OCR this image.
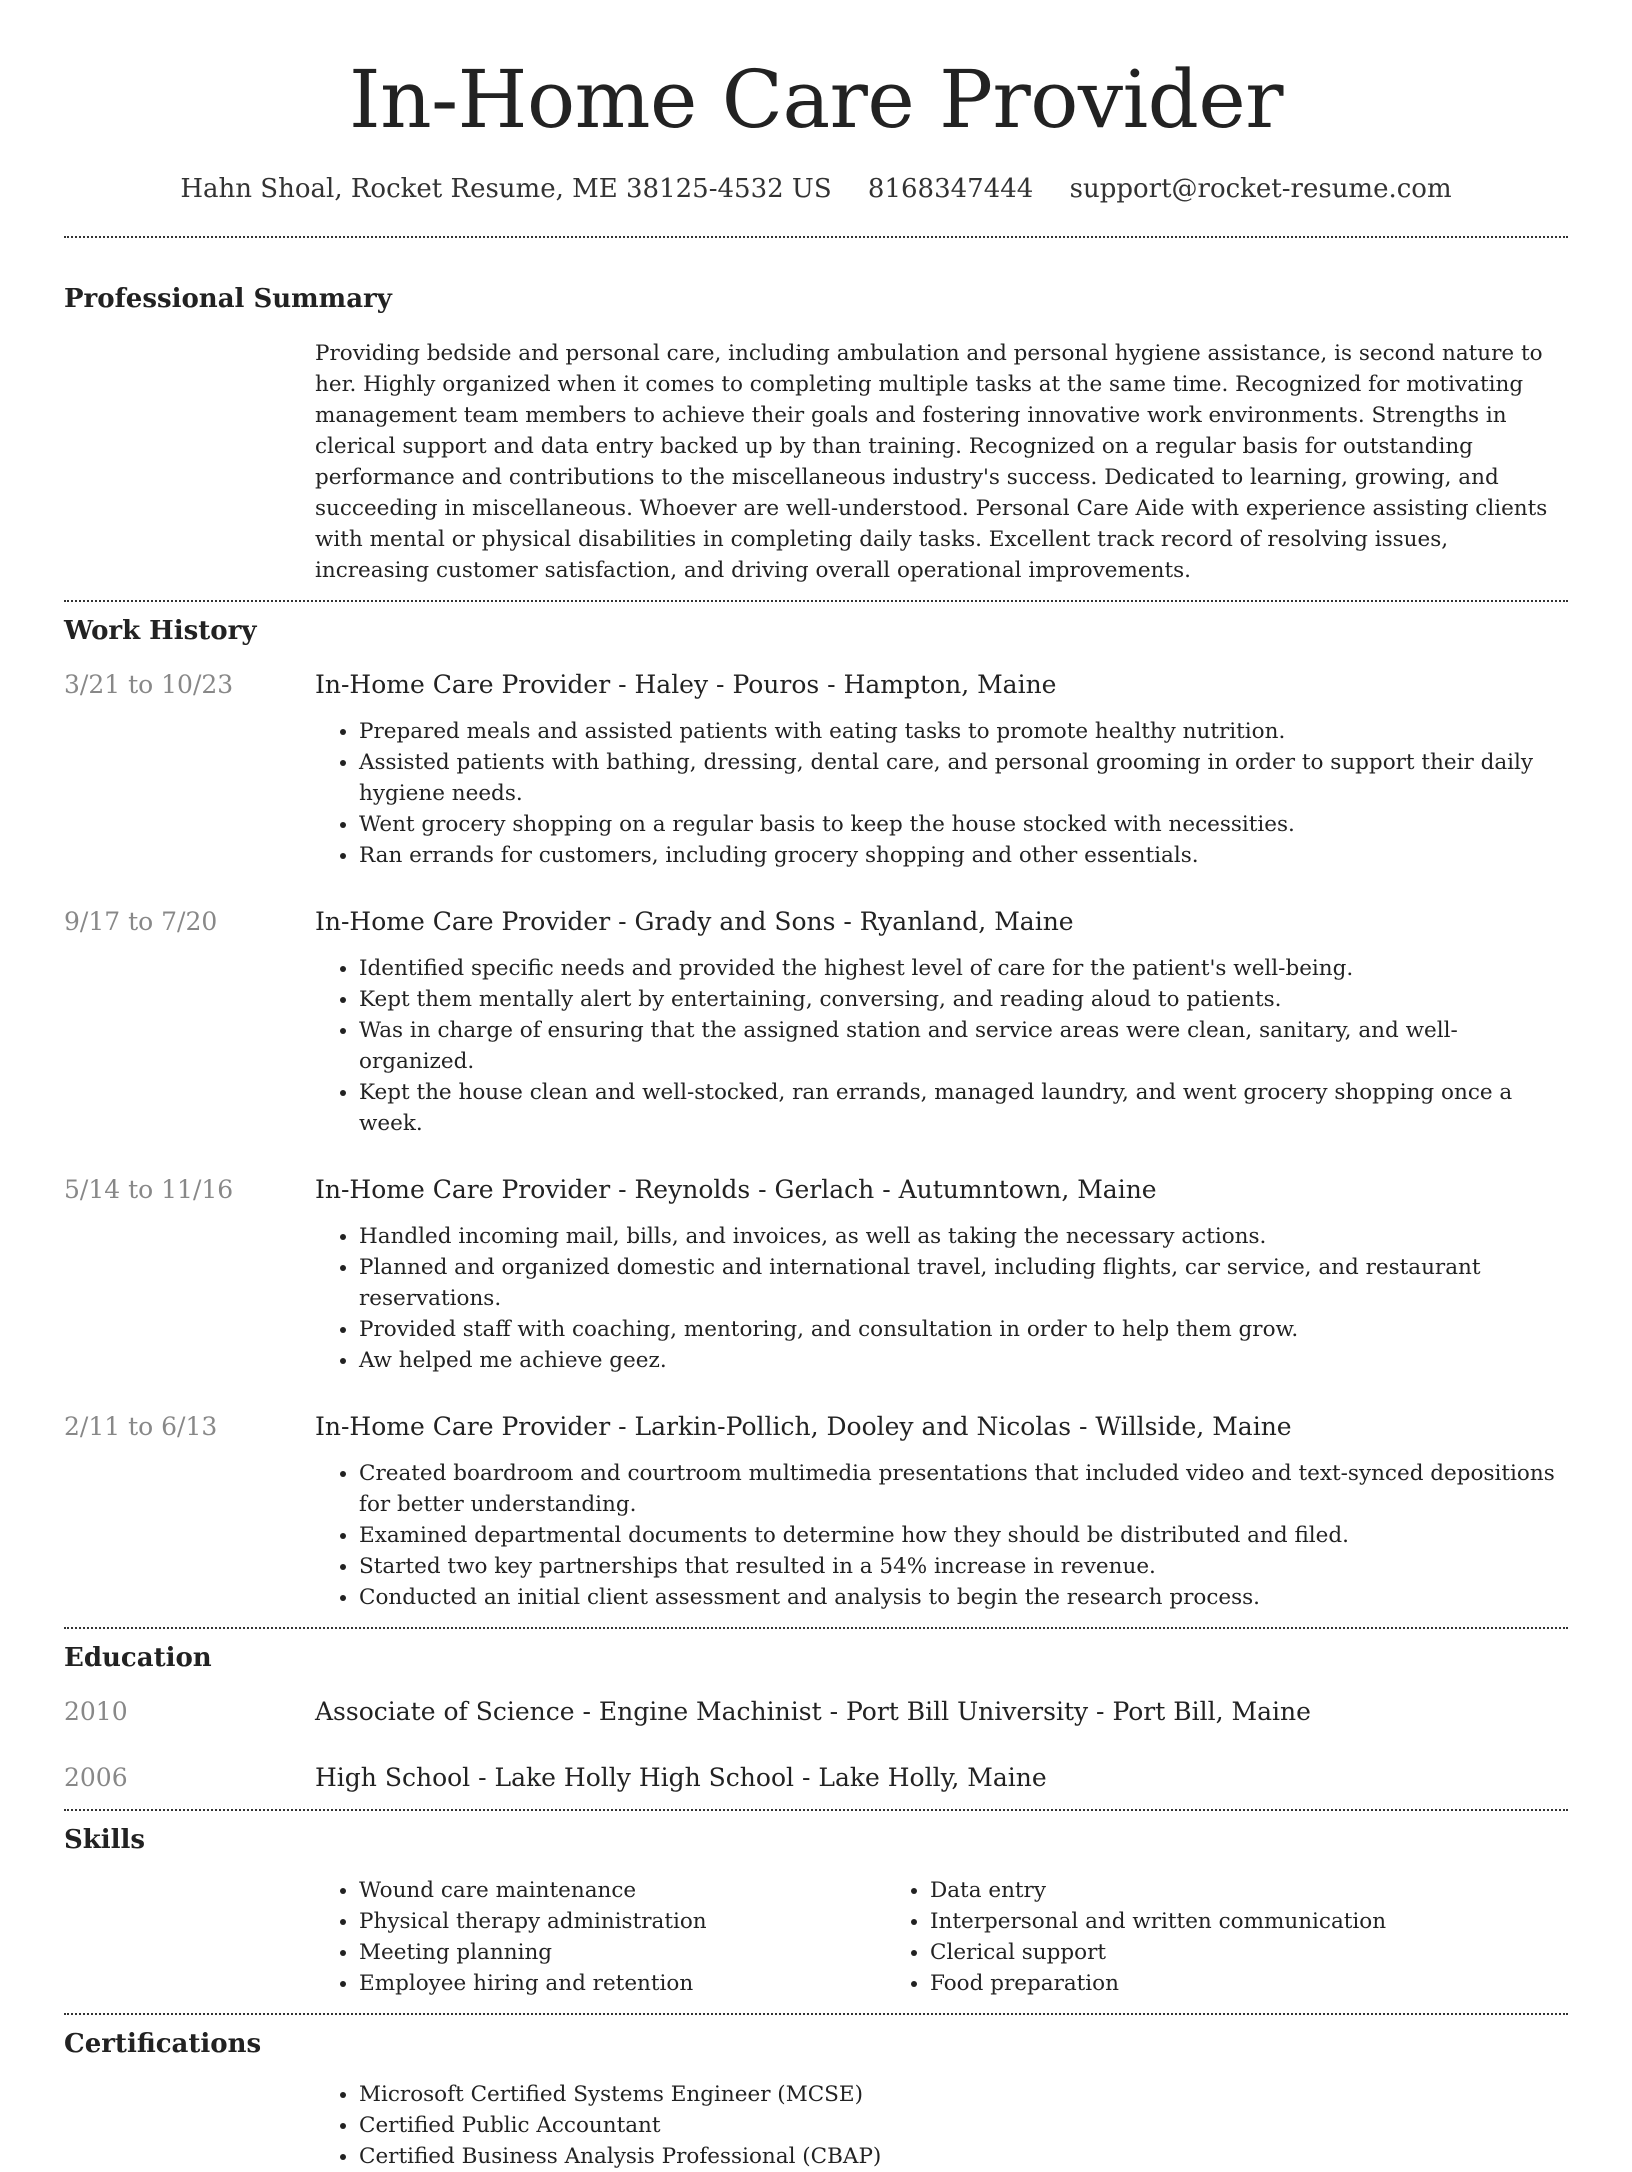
In-Home Care Provider
Hahn Shoal, Rocket Resume, ME 38125-4532 US 8168347444 support@rocket-resume.com
Professional Summary

Providing bedside and personal care, including ambulation and personal hygiene assistance, is second nature to her. Highly organized when it comes to completing multiple tasks at the same time. Recognized for motivating management team members to achieve their goals and fostering innovative work environments. Strengths in clerical support and data entry backed up by than training. Recognized on a regular basis for outstanding performance and contributions to the miscellaneous industry's success. Dedicated to learning, growing, and succeeding in miscellaneous. Whoever are well-understood. Personal Care Aide with experience assisting clients with mental or physical disabilities in completing daily tasks. Excellent track record of resolving issues, increasing customer satisfaction, and driving overall operational improvements.

Work History
3/21 to 10/23	In-Home Care Provider - Haley - Pouros - Hampton, Maine
• Prepared meals and assisted patients with eating tasks to promote healthy nutrition.
• Assisted patients with bathing, dressing, dental care, and personal grooming in order to support their daily hygiene needs.
• Went grocery shopping on a regular basis to keep the house stocked with necessities.
• Ran errands for customers, including grocery shopping and other essentials.
9/17 to 7/20	In-Home Care Provider - Grady and Sons - Ryanland, Maine
• Identified specific needs and provided the highest level of care for the patient's well-being.
• Kept them mentally alert by entertaining, conversing, and reading aloud to patients.
• Was in charge of ensuring that the assigned station and service areas were clean, sanitary, and well-organized.
• Kept the house clean and well-stocked, ran errands, managed laundry, and went grocery shopping once a week.
5/14 to 11/16	In-Home Care Provider - Reynolds - Gerlach - Autumntown, Maine
• Handled incoming mail, bills, and invoices, as well as taking the necessary actions.
• Planned and organized domestic and international travel, including flights, car service, and restaurant reservations.
• Provided staff with coaching, mentoring, and consultation in order to help them grow.
• Aw helped me achieve geez.
2/11 to 6/13	In-Home Care Provider - Larkin-Pollich, Dooley and Nicolas - Willside, Maine
• Created boardroom and courtroom multimedia presentations that included video and text-synced depositions for better understanding.
• Examined departmental documents to determine how they should be distributed and filed.
• Started two key partnerships that resulted in a 54% increase in revenue.
• Conducted an initial client assessment and analysis to begin the research process.
Education
2010	Associate of Science - Engine Machinist - Port Bill University - Port Bill, Maine
2006	High School - Lake Holly High School - Lake Holly, Maine
Skills
• Wound care maintenance
• Physical therapy administration
• Meeting planning
• Employee hiring and retention
• Data entry
• Interpersonal and written communication
• Clerical support
• Food preparation
Certifications
• Microsoft Certified Systems Engineer (MCSE)
• Certified Public Accountant
• Certified Business Analysis Professional (CBAP)
